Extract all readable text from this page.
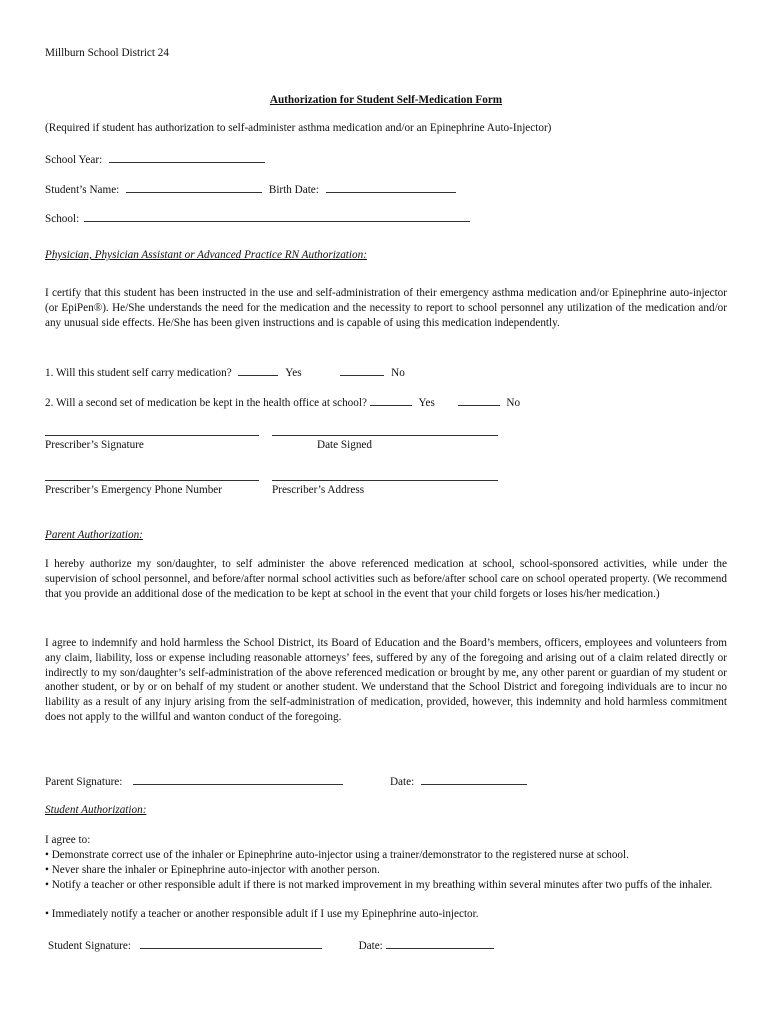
Millburn School District 24
Authorization for Student Self-Medication Form
(Required if student has authorization to self-administer asthma medication and/or an Epinephrine Auto-Injector)
School Year:
Student’s Name:	Birth Date:
School:
Physician, Physician Assistant or Advanced Practice RN Authorization:
I certify that this student has been instructed in the use and self-administration of their emergency asthma medication and/or Epinephrine auto-injector (or EpiPen®). He/She understands the need for the medication and the necessity to report to school personnel any utilization of the medication and/or any unusual side effects. He/She has been given instructions and is capable of using this medication independently.
1. Will this student self carry medication?	Yes	No
2. Will a second set of medication be kept in the health office at school?	Yes	No
Prescriber’s Signature	Date Signed
Prescriber’s Emergency Phone Number	Prescriber’s Address
Parent Authorization:
I hereby authorize my son/daughter, to self administer the above referenced medication at school, school-sponsored activities, while under the supervision of school personnel, and before/after normal school activities such as before/after school care on school operated property. (We recommend that you provide an additional dose of the medication to be kept at school in the event that your child forgets or loses his/her medication.)
I agree to indemnify and hold harmless the School District, its Board of Education and the Board’s members, officers, employees and volunteers from any claim, liability, loss or expense including reasonable attorneys’ fees, suffered by any of the foregoing and arising out of a claim related directly or indirectly to my son/daughter’s self-administration of the above referenced medication or brought by me, any other parent or guardian of my student or another student, or by or on behalf of my student or another student. We understand that the School District and foregoing individuals are to incur no liability as a result of any injury arising from the self-administration of medication, provided, however, this indemnity and hold harmless commitment does not apply to the willful and wanton conduct of the foregoing.
Parent Signature:	Date:
Student Authorization:
I agree to:
• Demonstrate correct use of the inhaler or Epinephrine auto-injector using a trainer/demonstrator to the registered nurse at school.
• Never share the inhaler or Epinephrine auto-injector with another person.
• Notify a teacher or other responsible adult if there is not marked improvement in my breathing within several minutes after two puffs of the inhaler.
• Immediately notify a teacher or another responsible adult if I use my Epinephrine auto-injector.
Student Signature:	Date:
